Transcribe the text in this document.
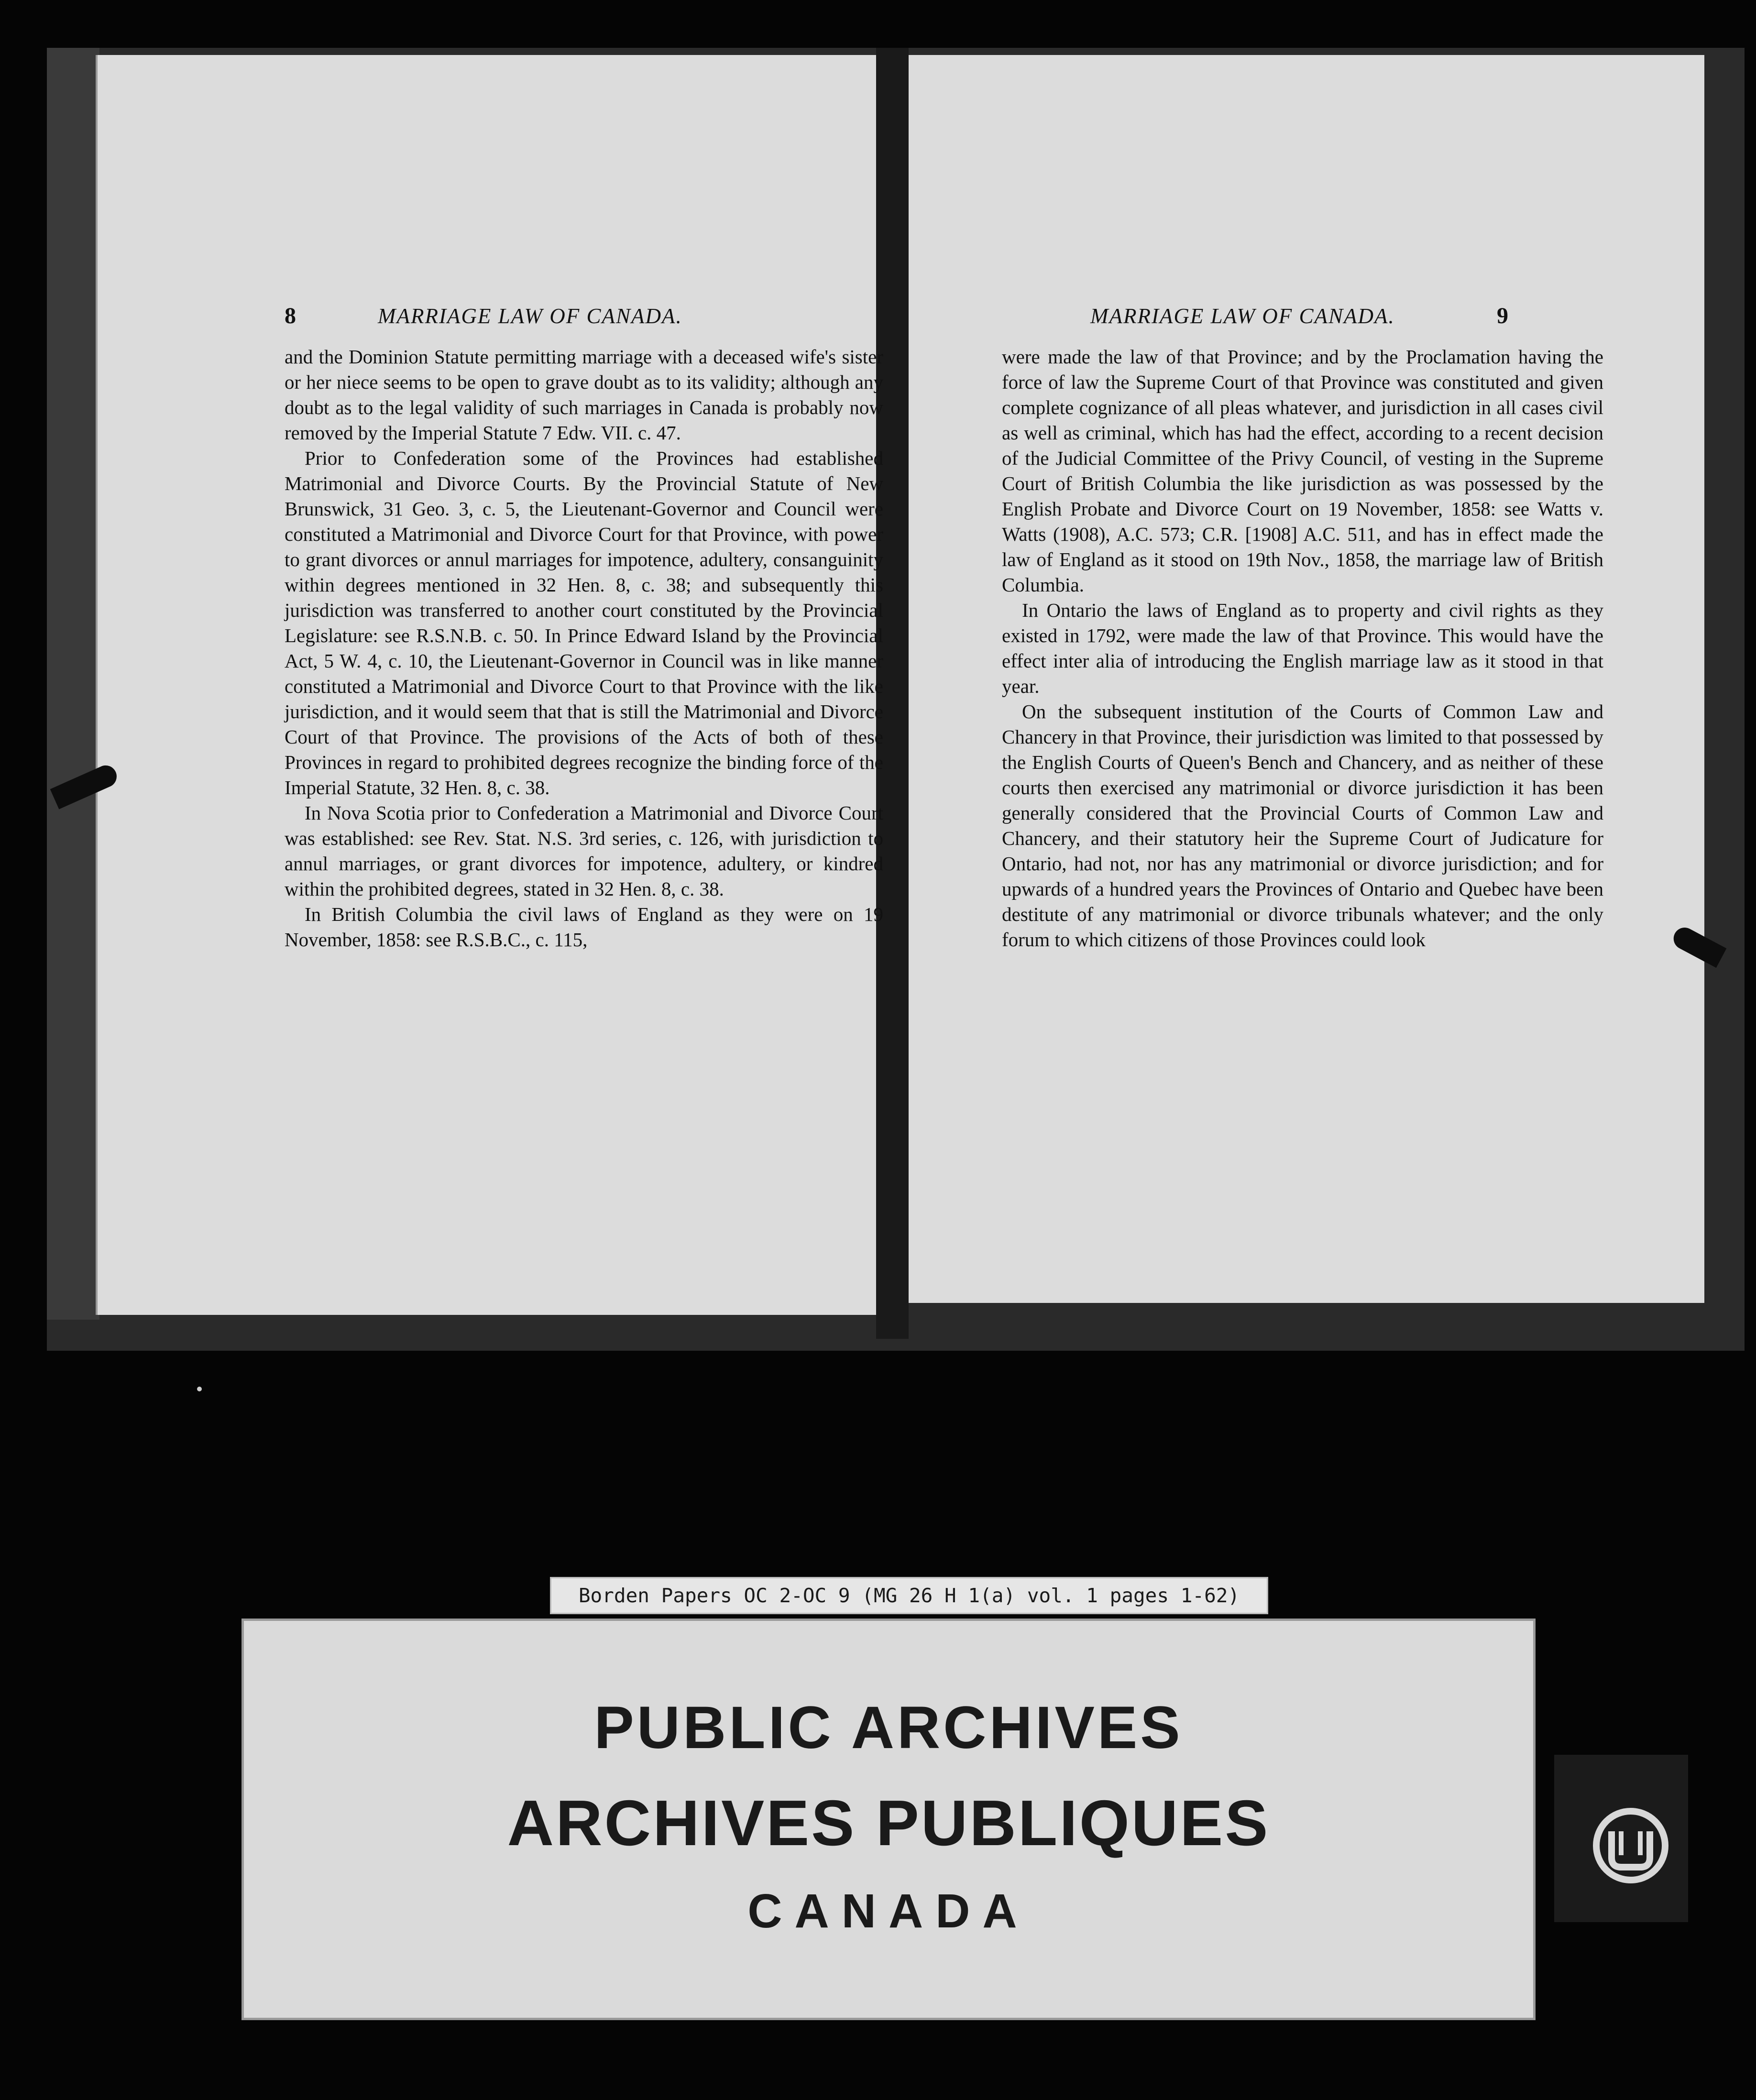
8	MARRIAGE LAW OF CANADA.

and the Dominion Statute permitting marriage with a deceased wife's sister or her niece seems to be open to grave doubt as to its validity; although any doubt as to the legal validity of such marriages in Canada is probably now removed by the Imperial Statute 7 Edw. VII. c. 47.

Prior to Confederation some of the Provinces had established Matrimonial and Divorce Courts. By the Provincial Statute of New Brunswick, 31 Geo. 3, c. 5, the Lieutenant-Governor and Council were constituted a Matrimonial and Divorce Court for that Province, with power to grant divorces or annul marriages for impotence, adultery, consanguinity within degrees mentioned in 32 Hen. 8, c. 38; and subsequently this jurisdiction was transferred to another court constituted by the Provincial Legislature: see R.S.N.B. c. 50. In Prince Edward Island by the Provincial Act, 5 W. 4, c. 10, the Lieutenant-Governor in Council was in like manner constituted a Matrimonial and Divorce Court to that Province with the like jurisdiction, and it would seem that that is still the Matrimonial and Divorce Court of that Province. The provisions of the Acts of both of these Provinces in regard to prohibited degrees recognize the binding force of the Imperial Statute, 32 Hen. 8, c. 38.

In Nova Scotia prior to Confederation a Matrimonial and Divorce Court was established: see Rev. Stat. N.S. 3rd series, c. 126, with jurisdiction to annul marriages, or grant divorces for impotence, adultery, or kindred within the prohibited degrees, stated in 32 Hen. 8, c. 38.

In British Columbia the civil laws of England as they were on 19 November, 1858: see R.S.B.C., c. 115,

MARRIAGE LAW OF CANADA.	9

were made the law of that Province; and by the Proclamation having the force of law the Supreme Court of that Province was constituted and given complete cognizance of all pleas whatever, and jurisdiction in all cases civil as well as criminal, which has had the effect, according to a recent decision of the Judicial Committee of the Privy Council, of vesting in the Supreme Court of British Columbia the like jurisdiction as was possessed by the English Probate and Divorce Court on 19 November, 1858: see Watts v. Watts (1908), A.C. 573; C.R. [1908] A.C. 511, and has in effect made the law of England as it stood on 19th Nov., 1858, the marriage law of British Columbia.

In Ontario the laws of England as to property and civil rights as they existed in 1792, were made the law of that Province. This would have the effect inter alia of introducing the English marriage law as it stood in that year.

On the subsequent institution of the Courts of Common Law and Chancery in that Province, their jurisdiction was limited to that possessed by the English Courts of Queen's Bench and Chancery, and as neither of these courts then exercised any matrimonial or divorce jurisdiction it has been generally considered that the Provincial Courts of Common Law and Chancery, and their statutory heir the Supreme Court of Judicature for Ontario, had not, nor has any matrimonial or divorce jurisdiction; and for upwards of a hundred years the Provinces of Ontario and Quebec have been destitute of any matrimonial or divorce tribunals whatever; and the only forum to which citizens of those Provinces could look

PUBLIC ARCHIVES
ARCHIVES PUBLIQUES
CANADA
Borden Papers OC 2-OC 9 (MG 26 H 1(a) vol. 1 pages 1-62)
